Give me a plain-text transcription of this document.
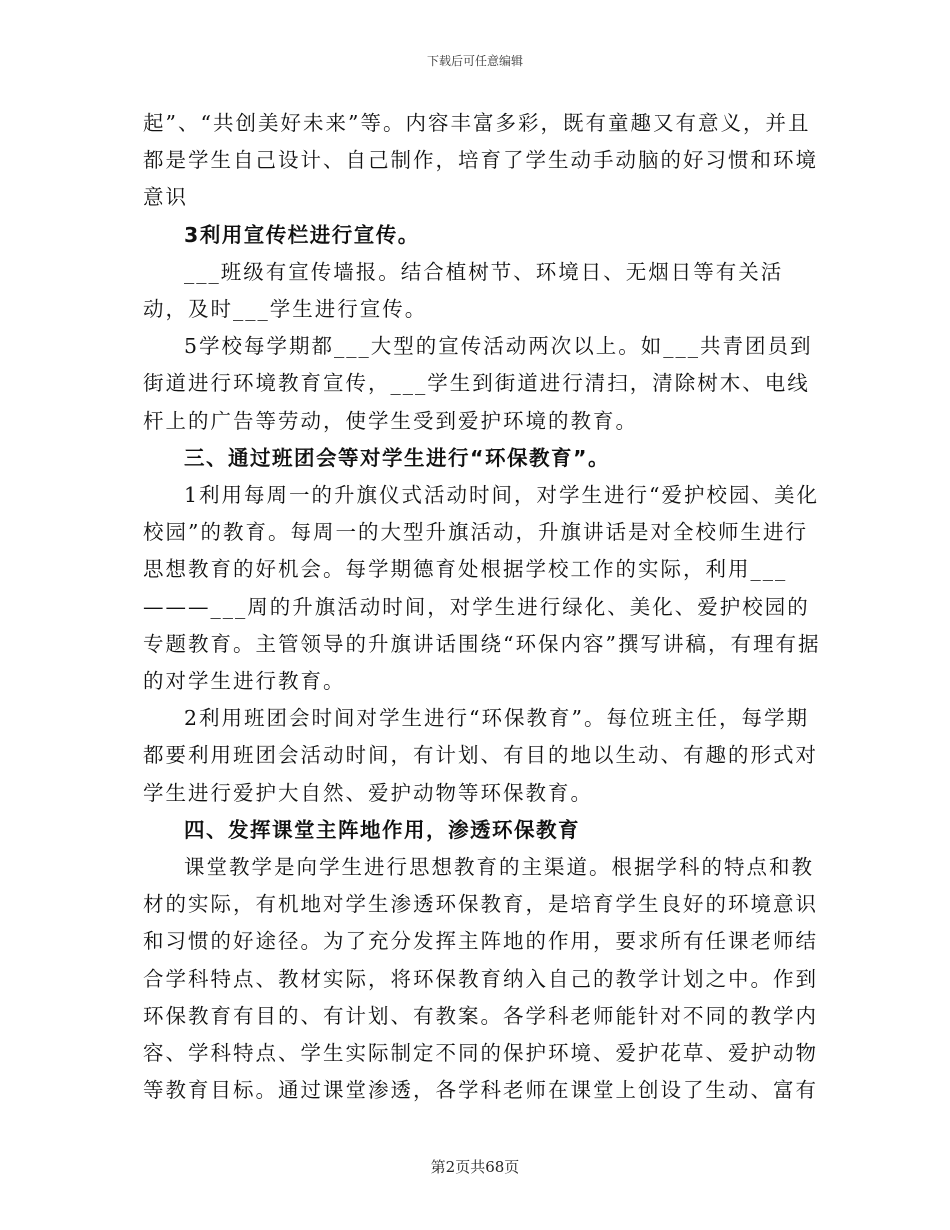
下载后可任意编辑

起”、“共创美好未来”等。内容丰富多彩，既有童趣又有意义，并且都是学生自己设计、自己制作，培育了学生动手动脑的好习惯和环境意识

3利用宣传栏进行宣传。

___班级有宣传墙报。结合植树节、环境日、无烟日等有关活动，及时___学生进行宣传。

5学校每学期都___大型的宣传活动两次以上。如___共青团员到街道进行环境教育宣传，___学生到街道进行清扫，清除树木、电线杆上的广告等劳动，使学生受到爱护环境的教育。

三、通过班团会等对学生进行“环保教育”。

1利用每周一的升旗仪式活动时间，对学生进行“爱护校园、美化校园”的教育。每周一的大型升旗活动，升旗讲话是对全校师生进行思想教育的好机会。每学期德育处根据学校工作的实际，利用___———___周的升旗活动时间，对学生进行绿化、美化、爱护校园的专题教育。主管领导的升旗讲话围绕“环保内容”撰写讲稿，有理有据的对学生进行教育。

2利用班团会时间对学生进行“环保教育”。每位班主任，每学期都要利用班团会活动时间，有计划、有目的地以生动、有趣的形式对学生进行爱护大自然、爱护动物等环保教育。

四、发挥课堂主阵地作用，渗透环保教育

课堂教学是向学生进行思想教育的主渠道。根据学科的特点和教材的实际，有机地对学生渗透环保教育，是培育学生良好的环境意识和习惯的好途径。为了充分发挥主阵地的作用，要求所有任课老师结合学科特点、教材实际，将环保教育纳入自己的教学计划之中。作到环保教育有目的、有计划、有教案。各学科老师能针对不同的教学内容、学科特点、学生实际制定不同的保护环境、爱护花草、爱护动物等教育目标。通过课堂渗透，各学科老师在课堂上创设了生动、富有

第2页共68页
